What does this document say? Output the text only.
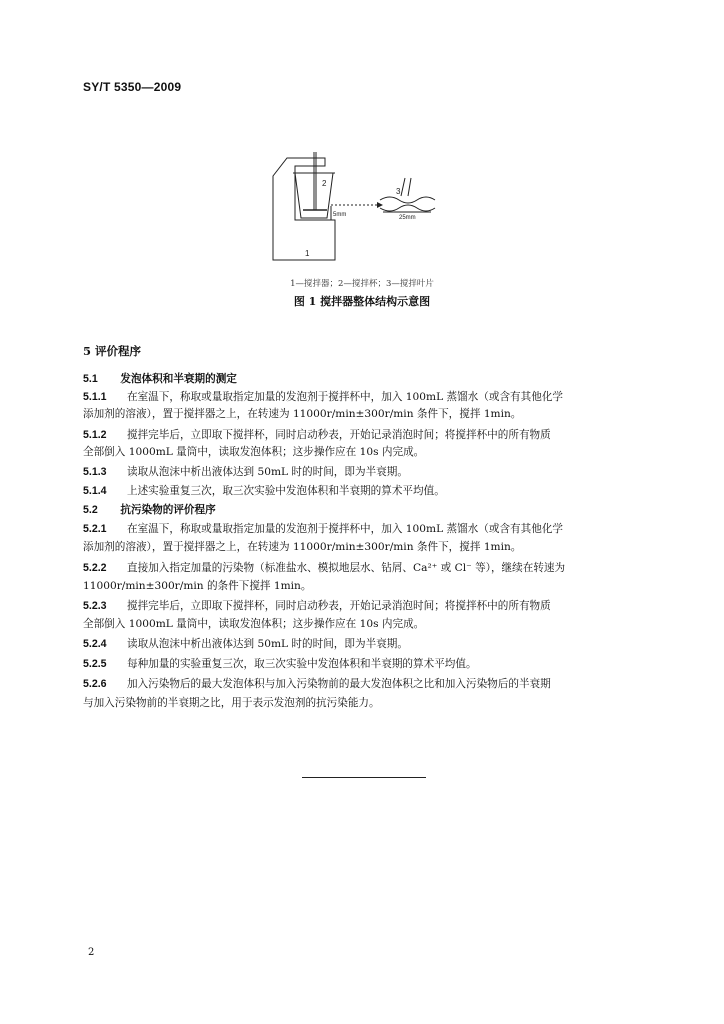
SY/T 5350—2009
1
2
3
5mm	25mm
1—搅拌器；2—搅拌杯；3—搅拌叶片
图 1 搅拌器整体结构示意图
5 评价程序
5.1 发泡体积和半衰期的测定
5.1.1 在室温下，称取或量取指定加量的发泡剂于搅拌杯中，加入 100mL 蒸馏水（或含有其他化学
添加剂的溶液），置于搅拌器之上，在转速为 11000r/min±300r/min 条件下，搅拌 1min。
5.1.2 搅拌完毕后，立即取下搅拌杯，同时启动秒表，开始记录消泡时间；将搅拌杯中的所有物质
全部倒入 1000mL 量筒中，读取发泡体积；这步操作应在 10s 内完成。
5.1.3 读取从泡沫中析出液体达到 50mL 时的时间，即为半衰期。
5.1.4 上述实验重复三次，取三次实验中发泡体积和半衰期的算术平均值。
5.2 抗污染物的评价程序
5.2.1 在室温下，称取或量取指定加量的发泡剂于搅拌杯中，加入 100mL 蒸馏水（或含有其他化学
添加剂的溶液），置于搅拌器之上，在转速为 11000r/min±300r/min 条件下，搅拌 1min。
5.2.2 直接加入指定加量的污染物（标准盐水、模拟地层水、钻屑、Ca²⁺ 或 Cl⁻ 等），继续在转速为
11000r/min±300r/min 的条件下搅拌 1min。
5.2.3 搅拌完毕后，立即取下搅拌杯，同时启动秒表，开始记录消泡时间；将搅拌杯中的所有物质
全部倒入 1000mL 量筒中，读取发泡体积；这步操作应在 10s 内完成。
5.2.4 读取从泡沫中析出液体达到 50mL 时的时间，即为半衰期。
5.2.5 每种加量的实验重复三次，取三次实验中发泡体积和半衰期的算术平均值。
5.2.6 加入污染物后的最大发泡体积与加入污染物前的最大发泡体积之比和加入污染物后的半衰期
与加入污染物前的半衰期之比，用于表示发泡剂的抗污染能力。
2
